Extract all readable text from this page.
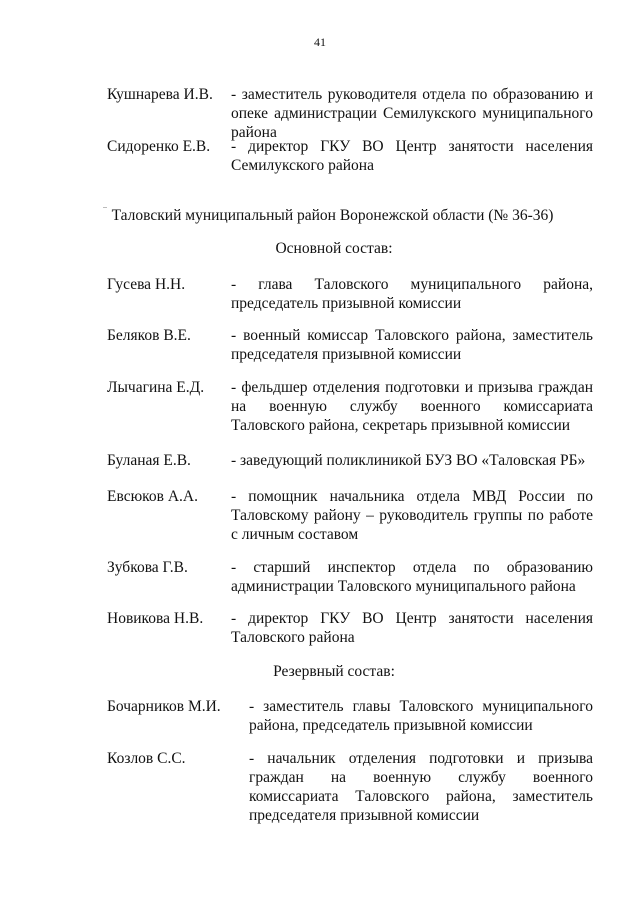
41
Кушнарева И.В. - заместитель руководителя отдела по образованию и опеке администрации Семилукского муниципального района
Сидоренко Е.В. - директор ГКУ ВО Центр занятости населения Семилукского района
Таловский муниципальный район Воронежской области (№ 36-36)
Основной состав:
Гусева Н.Н.	- глава Таловского муниципального района, председатель призывной комиссии
Беляков В.Е.	- военный комиссар Таловского района, заместитель председателя призывной комиссии
Лычагина Е.Д. - фельдшер отделения подготовки и призыва граждан на военную службу военного комиссариата Таловского района, секретарь призывной комиссии
Буланая Е.В.	- заведующий поликлиникой БУЗ ВО «Таловская РБ»
Евсюков А.А. - помощник начальника отдела МВД России по Таловскому району – руководитель группы по работе с личным составом
Зубкова Г.В.	- старший инспектор отдела по образованию администрации Таловского муниципального района
Новикова Н.В. - директор ГКУ ВО Центр занятости населения Таловского района
Резервный состав:
Бочарников М.И. - заместитель главы Таловского муниципального района, председатель призывной комиссии
Козлов С.С.	- начальник отделения подготовки и призыва граждан на военную службу военного комиссариата Таловского района, заместитель председателя призывной комиссии
